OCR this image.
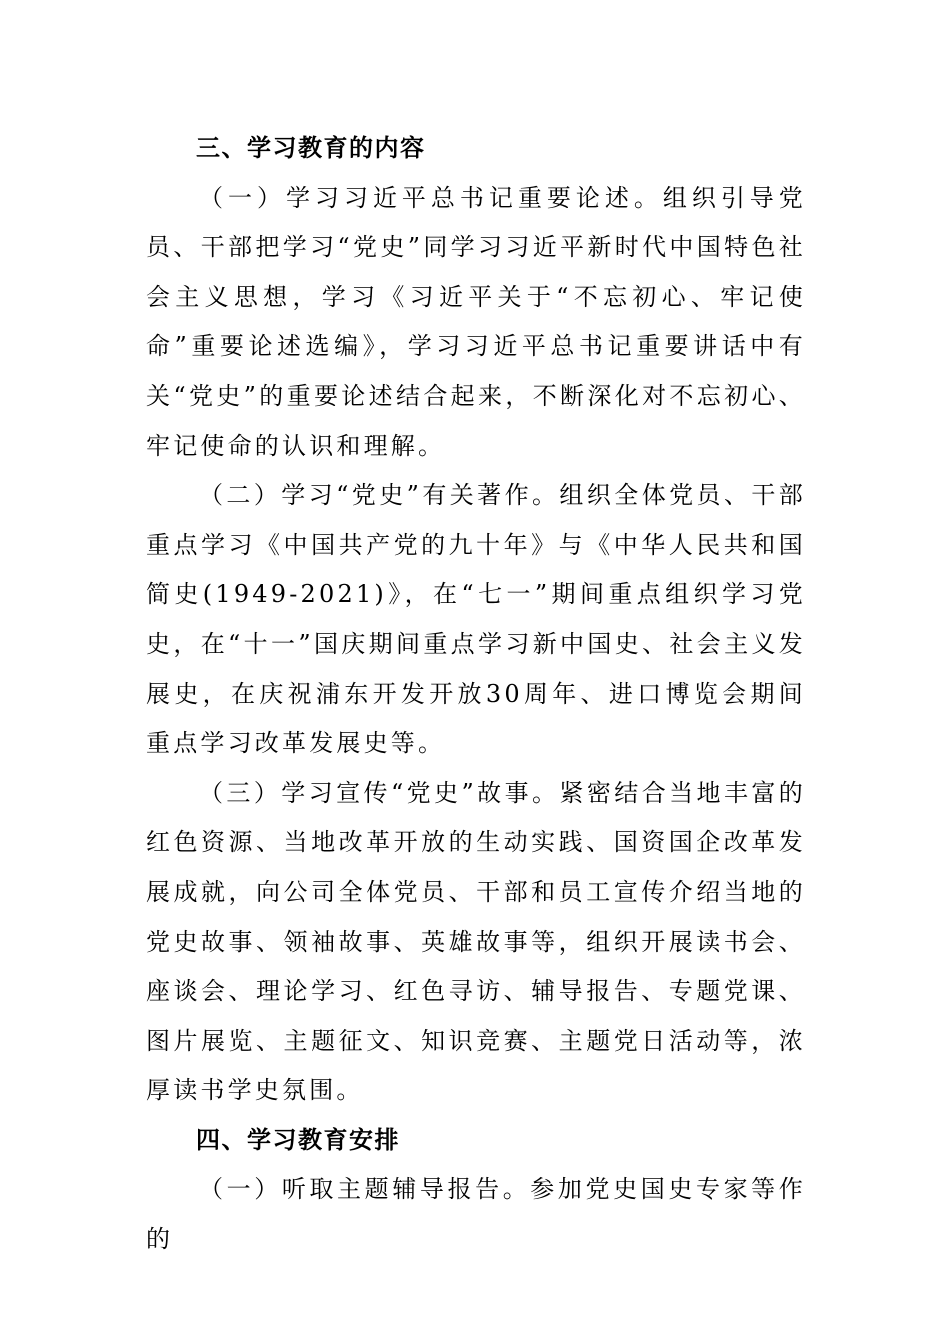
三、学习教育的内容

（一）学习习近平总书记重要论述。组织引导党员、干部把学习“党史”同学习习近平新时代中国特色社会主义思想，学习《习近平关于“不忘初心、牢记使命”重要论述选编》，学习习近平总书记重要讲话中有关“党史”的重要论述结合起来，不断深化对不忘初心、牢记使命的认识和理解。

（二）学习“党史”有关著作。组织全体党员、干部重点学习《中国共产党的九十年》与《中华人民共和国简史(1949-2021)》，在“七一”期间重点组织学习党史，在“十一”国庆期间重点学习新中国史、社会主义发展史，在庆祝浦东开发开放30周年、进口博览会期间重点学习改革发展史等。

（三）学习宣传“党史”故事。紧密结合当地丰富的红色资源、当地改革开放的生动实践、国资国企改革发展成就，向公司全体党员、干部和员工宣传介绍当地的党史故事、领袖故事、英雄故事等，组织开展读书会、座谈会、理论学习、红色寻访、辅导报告、专题党课、图片展览、主题征文、知识竞赛、主题党日活动等，浓厚读书学史氛围。

四、学习教育安排

（一）听取主题辅导报告。参加党史国史专家等作的
